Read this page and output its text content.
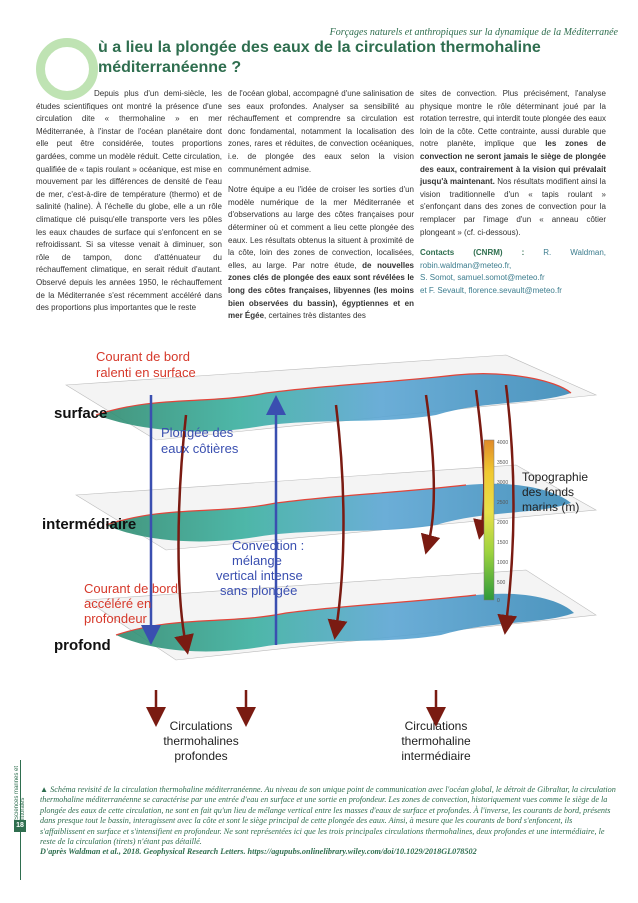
Forçages naturels et anthropiques sur la dynamique de la Méditerranée
ù a lieu la plongée des eaux de la circulation thermohaline méditerranéenne ?

Depuis plus d'un demi-siècle, les études scientifiques ont montré la présence d'une circulation dite « thermohaline » en mer Méditerranée, à l'instar de l'océan planétaire dont elle peut être considérée, toutes proportions gardées, comme un modèle réduit. Cette circulation, qualifiée de « tapis roulant » océanique, est mise en mouvement par les différences de densité de l'eau de mer, c'est-à-dire de température (thermo) et de salinité (haline). À l'échelle du globe, elle a un rôle climatique clé puisqu'elle transporte vers les pôles les eaux chaudes de surface qui s'enfoncent en se refroidissant. Si sa vitesse venait à diminuer, son rôle de tampon, donc d'atténuateur du réchauffement climatique, en serait réduit d'autant. Observé depuis les années 1950, le réchauffement de la Méditerranée s'est récemment accéléré dans des proportions plus importantes que le reste

de l'océan global, accompagné d'une salinisation de ses eaux profondes. Analyser sa sensibilité au réchauffement et comprendre sa circulation est donc fondamental, notamment la localisation des zones, rares et réduites, de convection océaniques, i.e. de plongée des eaux selon la vision communément admise.

Notre équipe a eu l'idée de croiser les sorties d'un modèle numérique de la mer Méditerranée et d'observations au large des côtes françaises pour déterminer où et comment a lieu cette plongée des eaux. Les résultats obtenus la situent à proximité de la côte, loin des zones de convection, localisées, elles, au large. Par notre étude, de nouvelles zones clés de plongée des eaux sont révélées le long des côtes françaises, libyennes (les moins bien observées du bassin), égyptiennes et en mer Égée, certaines très distantes des

sites de convection. Plus précisément, l'analyse physique montre le rôle déterminant joué par la rotation terrestre, qui interdit toute plongée des eaux loin de la côte. Cette contrainte, aussi durable que notre planète, implique que les zones de convection ne seront jamais le siège de plongée des eaux, contrairement à la vision qui prévalait jusqu'à maintenant. Nos résultats modifient ainsi la vision traditionnelle d'un « tapis roulant » s'enfonçant dans des zones de convection pour la remplacer par l'image d'un « anneau côtier plongeant » (cf. ci-dessous).

Contacts (CNRM) : R. Waldman, robin.waldman@meteo.fr,
S. Somot, samuel.somot@meteo.fr
et F. Sevault, florence.sevault@meteo.fr

4000
3500
3000
2500
2000
1500
1000
500
0
surface
intermédiaire
profond
Courant de bord
ralenti en surface
Plongée des
eaux côtières
Convection :
mélange
vertical intense
sans plongée
Courant de bord
accéléré en
profondeur
Topographie
des fonds
marins (m)
Circulations
thermohalines
profondes
Circulations
thermohaline
intermédiaire

▲ Schéma revisité de la circulation thermohaline méditerranéenne. Au niveau de son unique point de communication avec l'océan global, le détroit de Gibraltar, la circulation thermohaline méditerranéenne se caractérise par une entrée d'eau en surface et une sortie en profondeur. Les zones de convection, historiquement vues comme le siège de la plongée des eaux de cette circulation, ne sont en fait qu'un lieu de mélange vertical entre les masses d'eaux de surface et profondes. À l'inverse, les courants de bord, présents dans presque tout le bassin, interagissent avec la côte et sont le siège principal de cette plongée des eaux. Ainsi, à mesure que les courants de bord s'enfoncent, ils s'affaiblissent en surface et s'intensifient en profondeur. Ne sont représentées ici que les trois principales circulations thermohalines, deux profondes et une intermédiaire, le reste de la circulation (tirets) n'étant pas détaillé.
D'après Waldman et al., 2018. Geophysical Research Letters. https://agupubs.onlinelibrary.wiley.com/doi/10.1029/2018GL078502

Sciences marines et littorales
18
